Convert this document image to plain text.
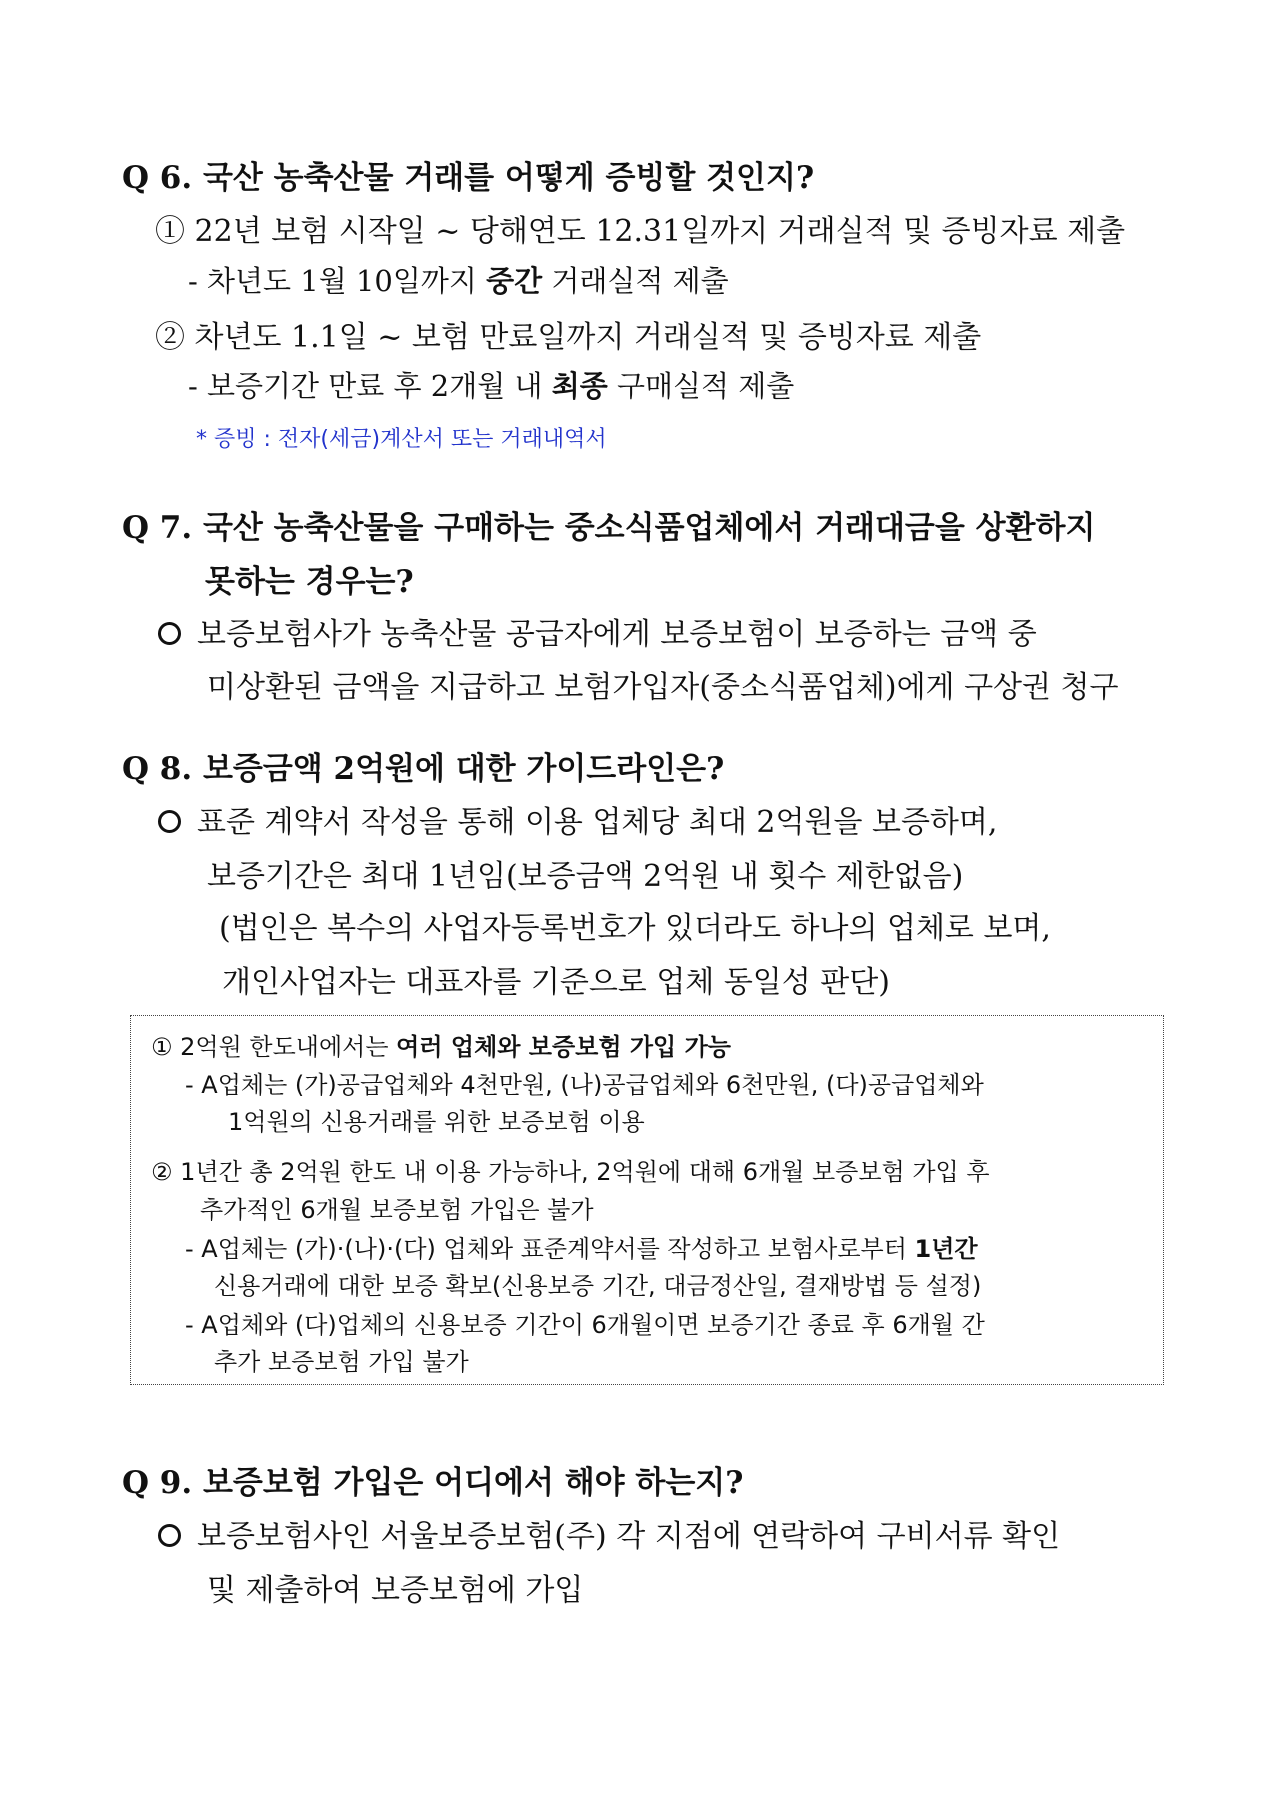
Q 6. 국산 농축산물 거래를 어떻게 증빙할 것인지?
① 22년 보험 시작일 ~ 당해연도 12.31일까지 거래실적 및 증빙자료 제출
- 차년도 1월 10일까지 중간 거래실적 제출
② 차년도 1.1일 ~ 보험 만료일까지 거래실적 및 증빙자료 제출
- 보증기간 만료 후 2개월 내 최종 구매실적 제출
* 증빙 : 전자(세금)계산서 또는 거래내역서
Q 7. 국산 농축산물을 구매하는 중소식품업체에서 거래대금을 상환하지
못하는 경우는?
보증보험사가 농축산물 공급자에게 보증보험이 보증하는 금액 중
미상환된 금액을 지급하고 보험가입자(중소식품업체)에게 구상권 청구
Q 8. 보증금액 2억원에 대한 가이드라인은?
표준 계약서 작성을 통해 이용 업체당 최대 2억원을 보증하며,
보증기간은 최대 1년임(보증금액 2억원 내 횟수 제한없음)
(법인은 복수의 사업자등록번호가 있더라도 하나의 업체로 보며,
개인사업자는 대표자를 기준으로 업체 동일성 판단)
① 2억원 한도내에서는 여러 업체와 보증보험 가입 가능
- A업체는 (가)공급업체와 4천만원, (나)공급업체와 6천만원, (다)공급업체와
1억원의 신용거래를 위한 보증보험 이용
② 1년간 총 2억원 한도 내 이용 가능하나, 2억원에 대해 6개월 보증보험 가입 후
추가적인 6개월 보증보험 가입은 불가
- A업체는 (가)·(나)·(다) 업체와 표준계약서를 작성하고 보험사로부터 1년간
신용거래에 대한 보증 확보(신용보증 기간, 대금정산일, 결재방법 등 설정)
- A업체와 (다)업체의 신용보증 기간이 6개월이면 보증기간 종료 후 6개월 간
추가 보증보험 가입 불가
Q 9. 보증보험 가입은 어디에서 해야 하는지?
보증보험사인 서울보증보험(주) 각 지점에 연락하여 구비서류 확인
및 제출하여 보증보험에 가입
